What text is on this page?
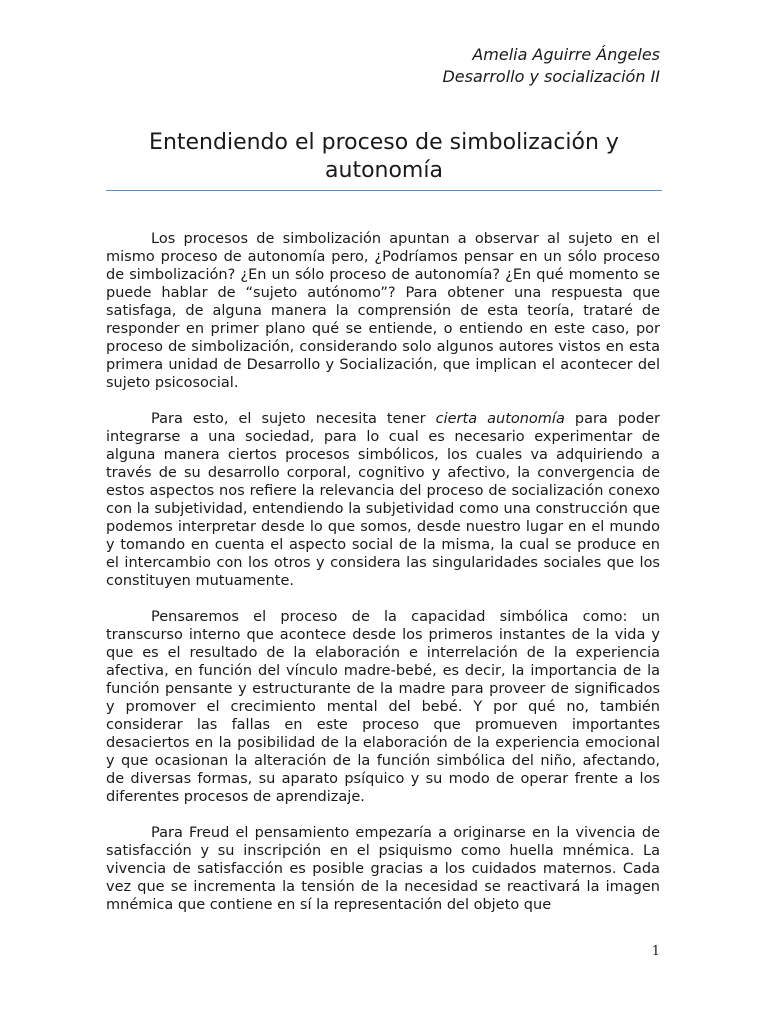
Amelia Aguirre Ángeles
Desarrollo y socialización II
Entendiendo el proceso de simbolización y autonomía

Los procesos de simbolización apuntan a observar al sujeto en el mismo proceso de autonomía pero, ¿Podríamos pensar en un sólo proceso de simbolización? ¿En un sólo proceso de autonomía? ¿En qué momento se puede hablar de “sujeto autónomo”? Para obtener una respuesta que satisfaga, de alguna manera la comprensión de esta teoría, trataré de responder en primer plano qué se entiende, o entiendo en este caso, por proceso de simbolización, considerando solo algunos autores vistos en esta primera unidad de Desarrollo y Socialización, que implican el acontecer del sujeto psicosocial.

Para esto, el sujeto necesita tener cierta autonomía para poder integrarse a una sociedad, para lo cual es necesario experimentar de alguna manera ciertos procesos simbólicos, los cuales va adquiriendo a través de su desarrollo corporal, cognitivo y afectivo, la convergencia de estos aspectos nos refiere la relevancia del proceso de socialización conexo con la subjetividad, entendiendo la subjetividad como una construcción que podemos interpretar desde lo que somos, desde nuestro lugar en el mundo y tomando en cuenta el aspecto social de la misma, la cual se produce en el intercambio con los otros y considera las singularidades sociales que los constituyen mutuamente.

Pensaremos el proceso de la capacidad simbólica como: un transcurso interno que acontece desde los primeros instantes de la vida y que es el resultado de la elaboración e interrelación de la experiencia afectiva, en función del vínculo madre-bebé, es decir, la importancia de la función pensante y estructurante de la madre para proveer de significados y promover el crecimiento mental del bebé. Y por qué no, también considerar las fallas en este proceso que promueven importantes desaciertos en la posibilidad de la elaboración de la experiencia emocional y que ocasionan la alteración de la función simbólica del niño, afectando, de diversas formas, su aparato psíquico y su modo de operar frente a los diferentes procesos de aprendizaje.

Para Freud el pensamiento empezaría a originarse en la vivencia de satisfacción y su inscripción en el psiquismo como huella mnémica. La vivencia de satisfacción es posible gracias a los cuidados maternos. Cada vez que se incrementa la tensión de la necesidad se reactivará la imagen mnémica que contiene en sí la representación del objeto que

1
